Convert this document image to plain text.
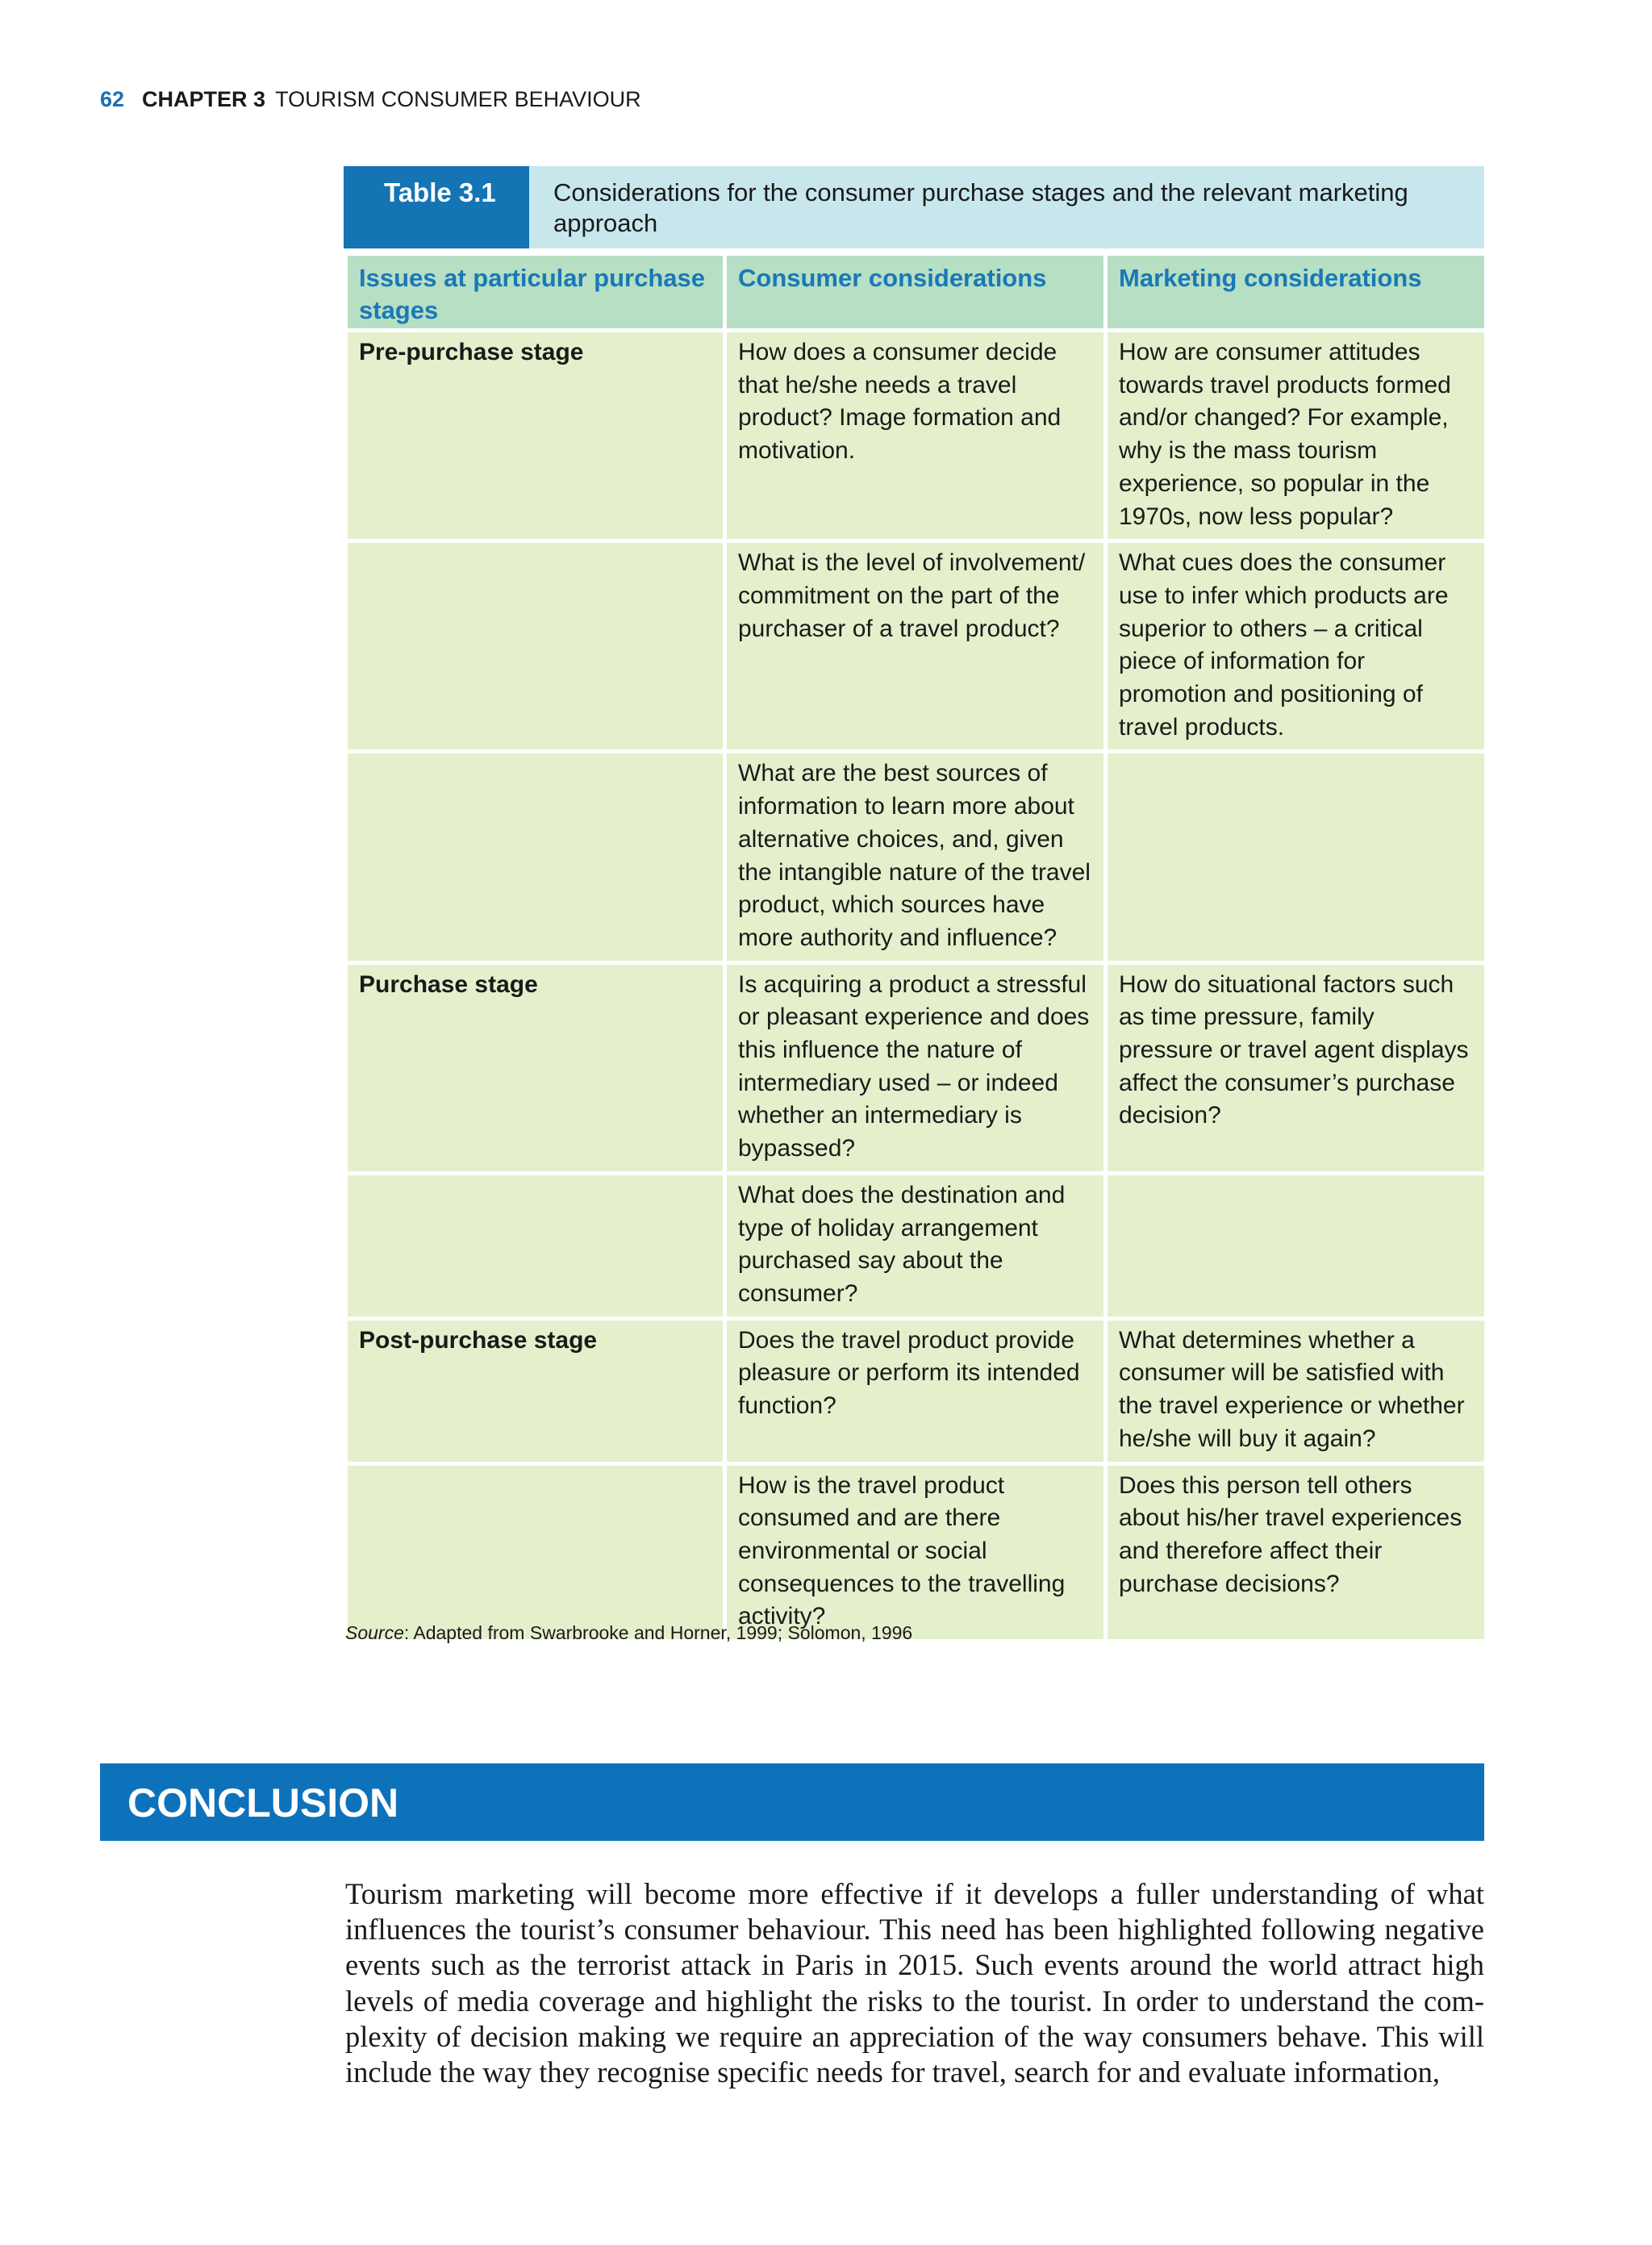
62 CHAPTER 3 TOURISM CONSUMER BEHAVIOUR
Table 3.1	Considerations for the consumer purchase stages and the relevant marketing approach
Issues at particular purchase stages	Consumer considerations	Marketing considerations
Pre-purchase stage	How does a consumer decide that he/she needs a travel product? Image formation and motivation.	How are consumer attitudes towards travel products formed and/or changed? For example, why is the mass tourism experience, so popular in the 1970s, now less popular?
	What is the level of involvement/ commitment on the part of the purchaser of a travel product?	What cues does the consumer use to infer which products are superior to others – a critical piece of information for promotion and positioning of travel products.
	What are the best sources of information to learn more about alternative choices, and, given the intangible nature of the travel product, which sources have more authority and influence?	
Purchase stage	Is acquiring a product a stressful or pleasant experience and does this influence the nature of intermediary used – or indeed whether an intermediary is bypassed?	How do situational factors such as time pressure, family pressure or travel agent displays affect the consumer’s purchase decision?
	What does the destination and type of holiday arrangement purchased say about the consumer?	
Post-purchase stage	Does the travel product provide pleasure or perform its intended function?	What determines whether a consumer will be satisfied with the travel experience or whether he/she will buy it again?
	How is the travel product consumed and are there environmental or social consequences to the travelling activity?	Does this person tell others about his/her travel experiences and therefore affect their purchase decisions?
Source: Adapted from Swarbrooke and Horner, 1999; Solomon, 1996
CONCLUSION
Tourism marketing will become more effective if it develops a fuller understanding of what influences the tourist’s consumer behaviour. This need has been highlighted following negative events such as the terrorist attack in Paris in 2015. Such events around the world attract high levels of media coverage and highlight the risks to the tourist. In order to understand the com-plexity of decision making we require an appreciation of the way consumers behave. This will include the way they recognise specific needs for travel, search for and evaluate information,
